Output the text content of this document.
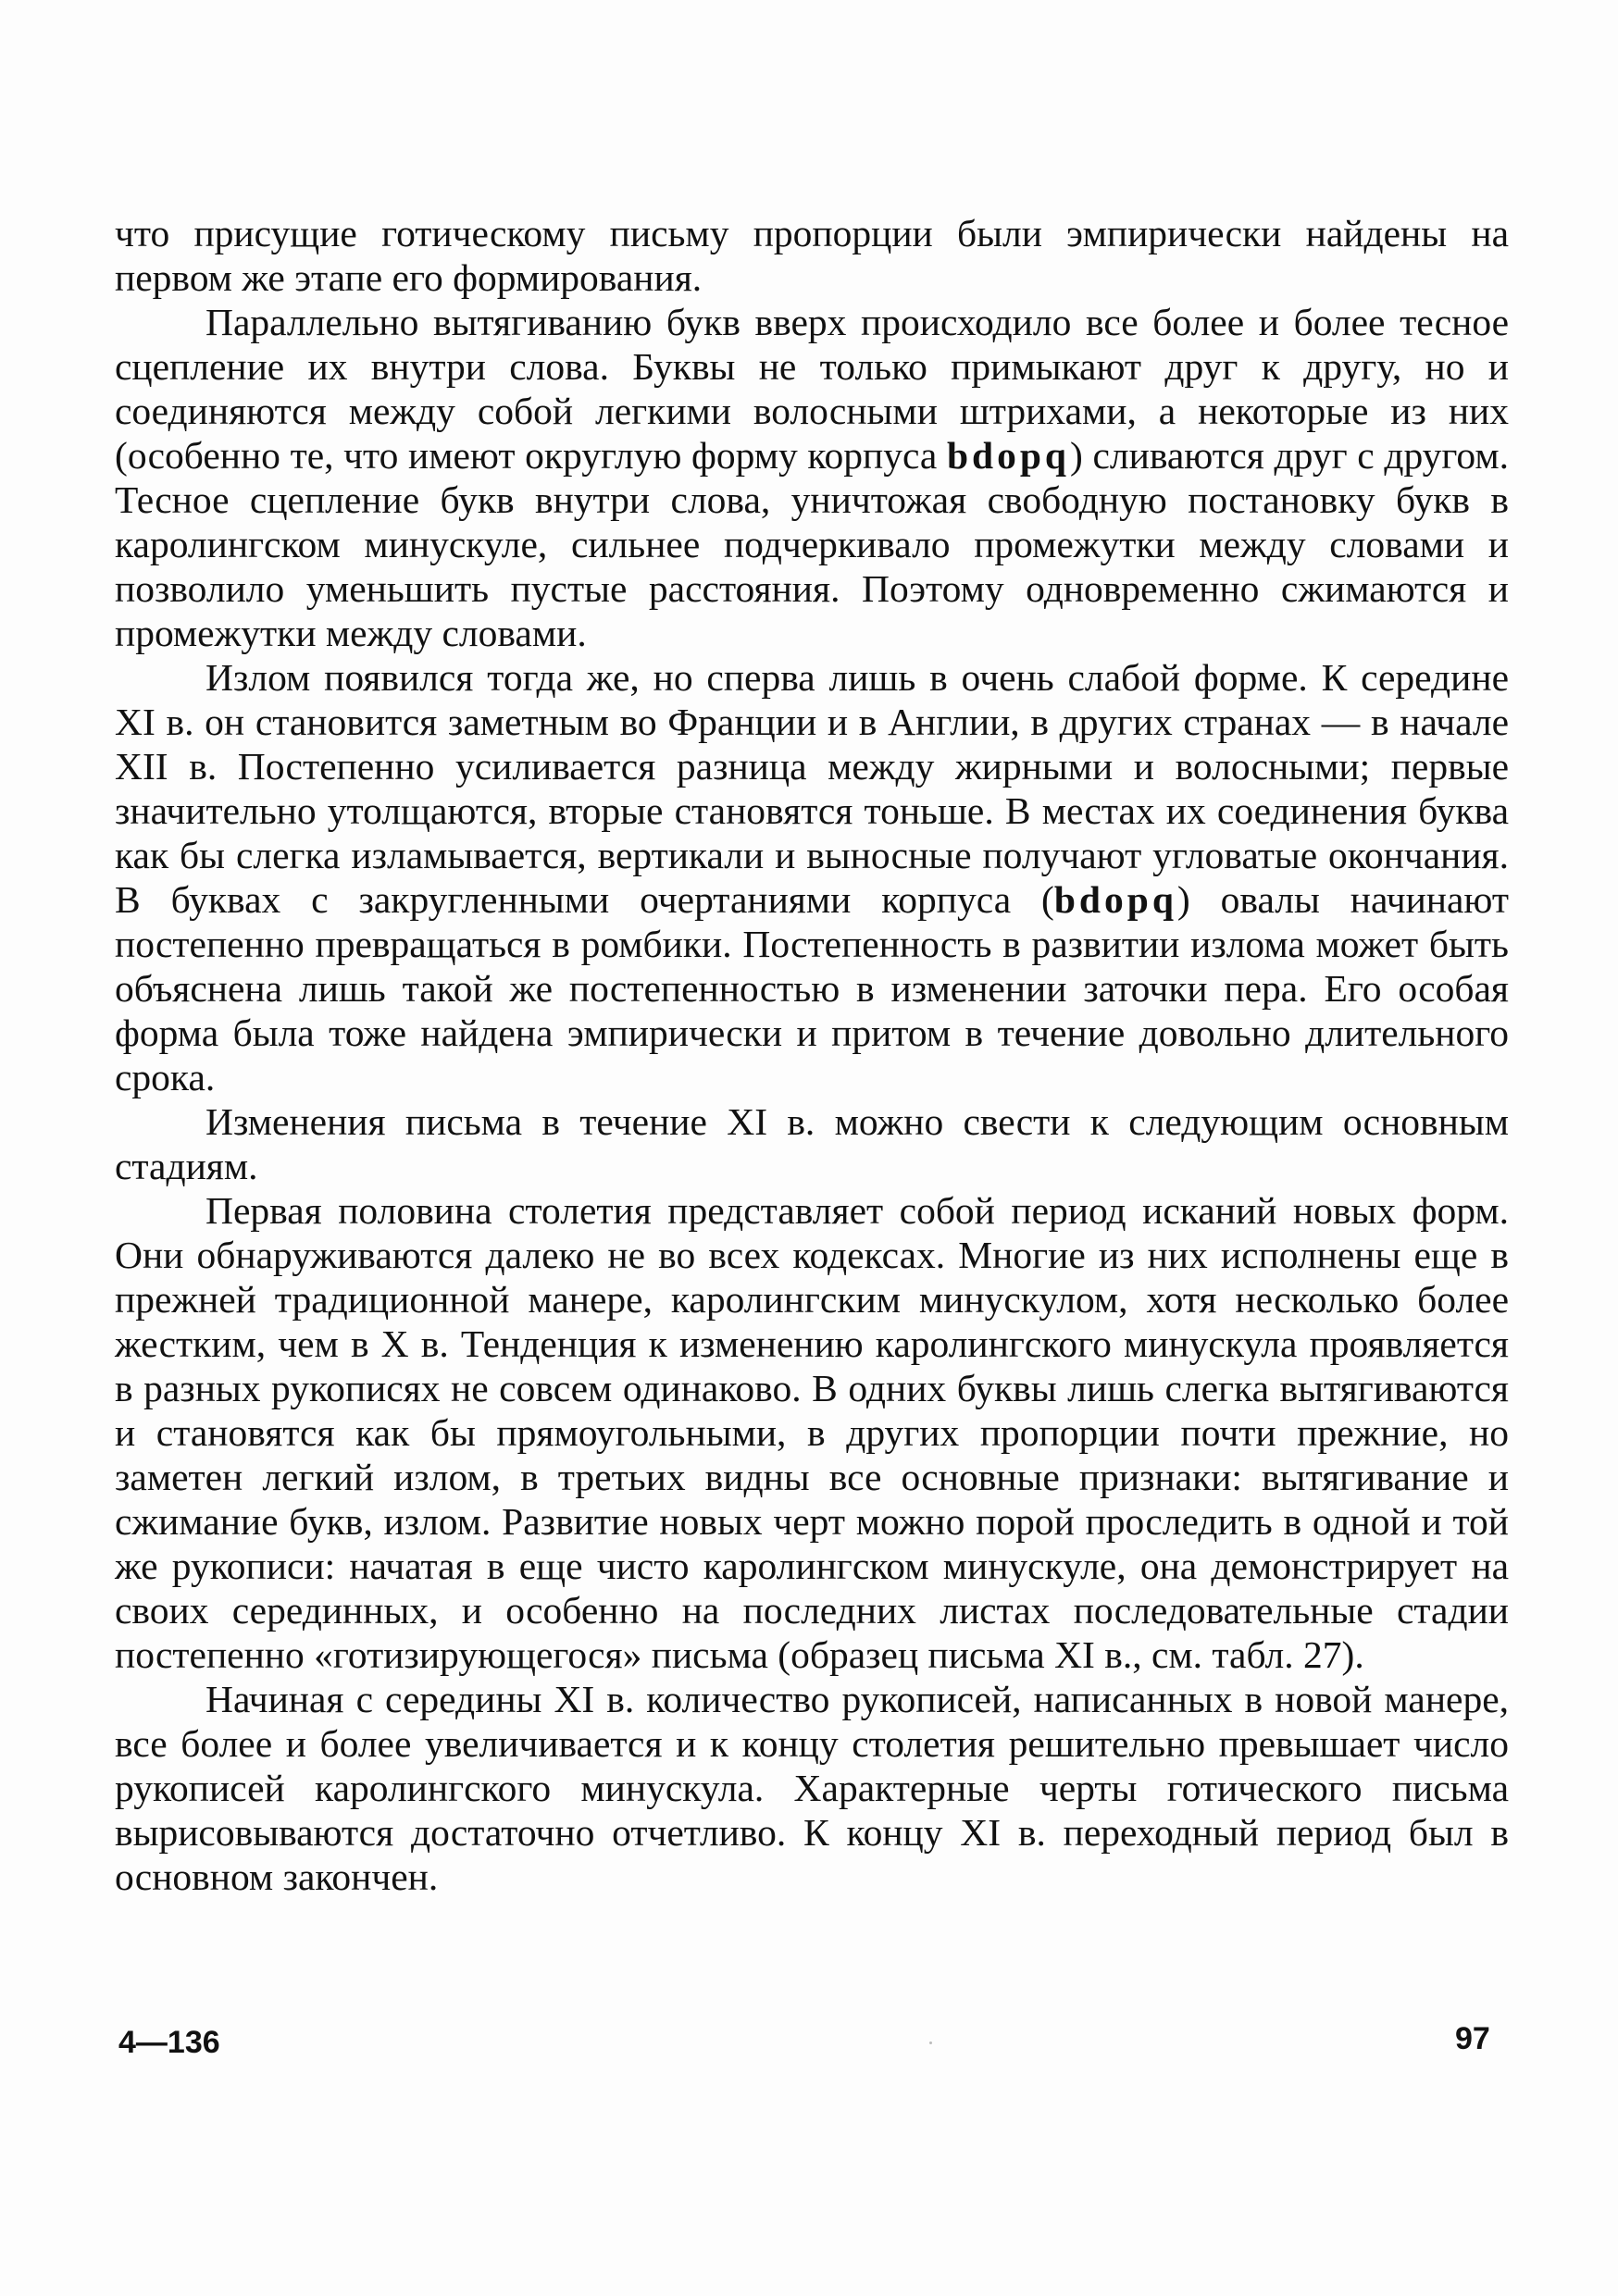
что присущие готическому письму пропорции были эмпирически найдены на первом же этапе его формирования.

Параллельно вытягиванию букв вверх происходило все более и более тесное сцепление их внутри слова. Буквы не только примыкают друг к другу, но и соединяются между собой легкими волосными штрихами, а некоторые из них (особенно те, что имеют округлую форму корпуса bdopq) сливаются друг с другом. Тесное сцепление букв внутри слова, уничтожая свободную постановку букв в каролингском минускуле, сильнее подчеркивало промежутки между словами и позволило уменьшить пустые расстояния. Поэтому одновременно сжимаются и промежутки между словами.

Излом появился тогда же, но сперва лишь в очень слабой форме. К середине XI в. он становится заметным во Франции и в Англии, в других странах — в начале XII в. Постепенно усиливается разница между жирными и волосными; первые значительно утолщаются, вторые становятся тоньше. В местах их соединения буква как бы слегка изламывается, вертикали и выносные получают угловатые окончания. В буквах с закругленными очертаниями корпуса (bdopq) овалы начинают постепенно превращаться в ромбики. Постепенность в развитии излома может быть объяснена лишь такой же постепенностью в изменении заточки пера. Его особая форма была тоже найдена эмпирически и притом в течение довольно длительного срока.

Изменения письма в течение XI в. можно свести к следующим основным стадиям.

Первая половина столетия представляет собой период исканий новых форм. Они обнаруживаются далеко не во всех кодексах. Многие из них исполнены еще в прежней традиционной манере, каролингским минускулом, хотя несколько более жестким, чем в X в. Тенденция к изменению каролингского минускула проявляется в разных рукописях не совсем одинаково. В одних буквы лишь слегка вытягиваются и становятся как бы прямоугольными, в других пропорции почти прежние, но заметен легкий излом, в третьих видны все основные признаки: вытягивание и сжимание букв, излом. Развитие новых черт можно порой проследить в одной и той же рукописи: начатая в еще чисто каролингском минускуле, она демонстрирует на своих серединных, и особенно на последних листах последовательные стадии постепенно «готизирующегося» письма (образец письма XI в., см. табл. 27).

Начиная с середины XI в. количество рукописей, написанных в новой манере, все более и более увеличивается и к концу столетия решительно превышает число рукописей каролингского минускула. Характерные черты готического письма вырисовываются достаточно отчетливо. К концу XI в. переходный период был в основном закончен.

4—136	97
